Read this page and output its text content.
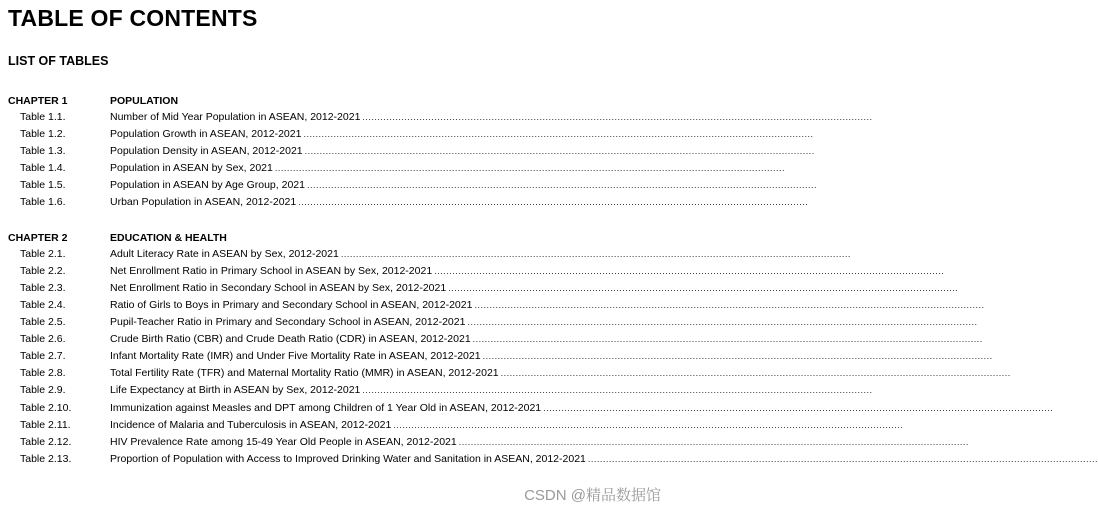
TABLE OF CONTENTS
LIST OF TABLES
CHAPTER 1	POPULATION
Table 1.1.	Number of Mid Year Population in ASEAN, 2012-2021 ..........................................................................................................................................................................
Table 1.2.	Population Growth in ASEAN, 2012-2021 ..........................................................................................................................................................................
Table 1.3.	Population Density in ASEAN, 2012-2021 ..........................................................................................................................................................................
Table 1.4.	Population in ASEAN by Sex, 2021 ..........................................................................................................................................................................
Table 1.5.	Population in ASEAN by Age Group, 2021 ..........................................................................................................................................................................
Table 1.6.	Urban Population in ASEAN, 2012-2021 ..........................................................................................................................................................................
CHAPTER 2	EDUCATION & HEALTH
Table 2.1.	Adult Literacy Rate in ASEAN by Sex, 2012-2021 ..........................................................................................................................................................................
Table 2.2.	Net Enrollment Ratio in Primary School in ASEAN by Sex, 2012-2021 ..........................................................................................................................................................................
Table 2.3.	Net Enrollment Ratio in Secondary School in ASEAN by Sex, 2012-2021 ..........................................................................................................................................................................
Table 2.4.	Ratio of Girls to Boys in Primary and Secondary School in ASEAN, 2012-2021 ..........................................................................................................................................................................
Table 2.5.	Pupil-Teacher Ratio in Primary and Secondary School in ASEAN, 2012-2021 ..........................................................................................................................................................................
Table 2.6.	Crude Birth Ratio (CBR) and Crude Death Ratio (CDR) in ASEAN, 2012-2021 ..........................................................................................................................................................................
Table 2.7.	Infant Mortality Rate (IMR) and Under Five Mortality Rate in ASEAN, 2012-2021 ..........................................................................................................................................................................
Table 2.8.	Total Fertility Rate (TFR) and Maternal Mortality Ratio (MMR) in ASEAN, 2012-2021 ..........................................................................................................................................................................
Table 2.9.	Life Expectancy at Birth in ASEAN by Sex, 2012-2021 ..........................................................................................................................................................................
Table 2.10.	Immunization against Measles and DPT among Children of 1 Year Old in ASEAN, 2012-2021 ..........................................................................................................................................................................
Table 2.11.	Incidence of Malaria and Tuberculosis in ASEAN, 2012-2021 ..........................................................................................................................................................................
Table 2.12.	HIV Prevalence Rate among 15-49 Year Old People in ASEAN, 2012-2021 ..........................................................................................................................................................................
Table 2.13.	Proportion of Population with Access to Improved Drinking Water and Sanitation in ASEAN, 2012-2021 ..........................................................................................................................................................................
CSDN @精品数据馆
